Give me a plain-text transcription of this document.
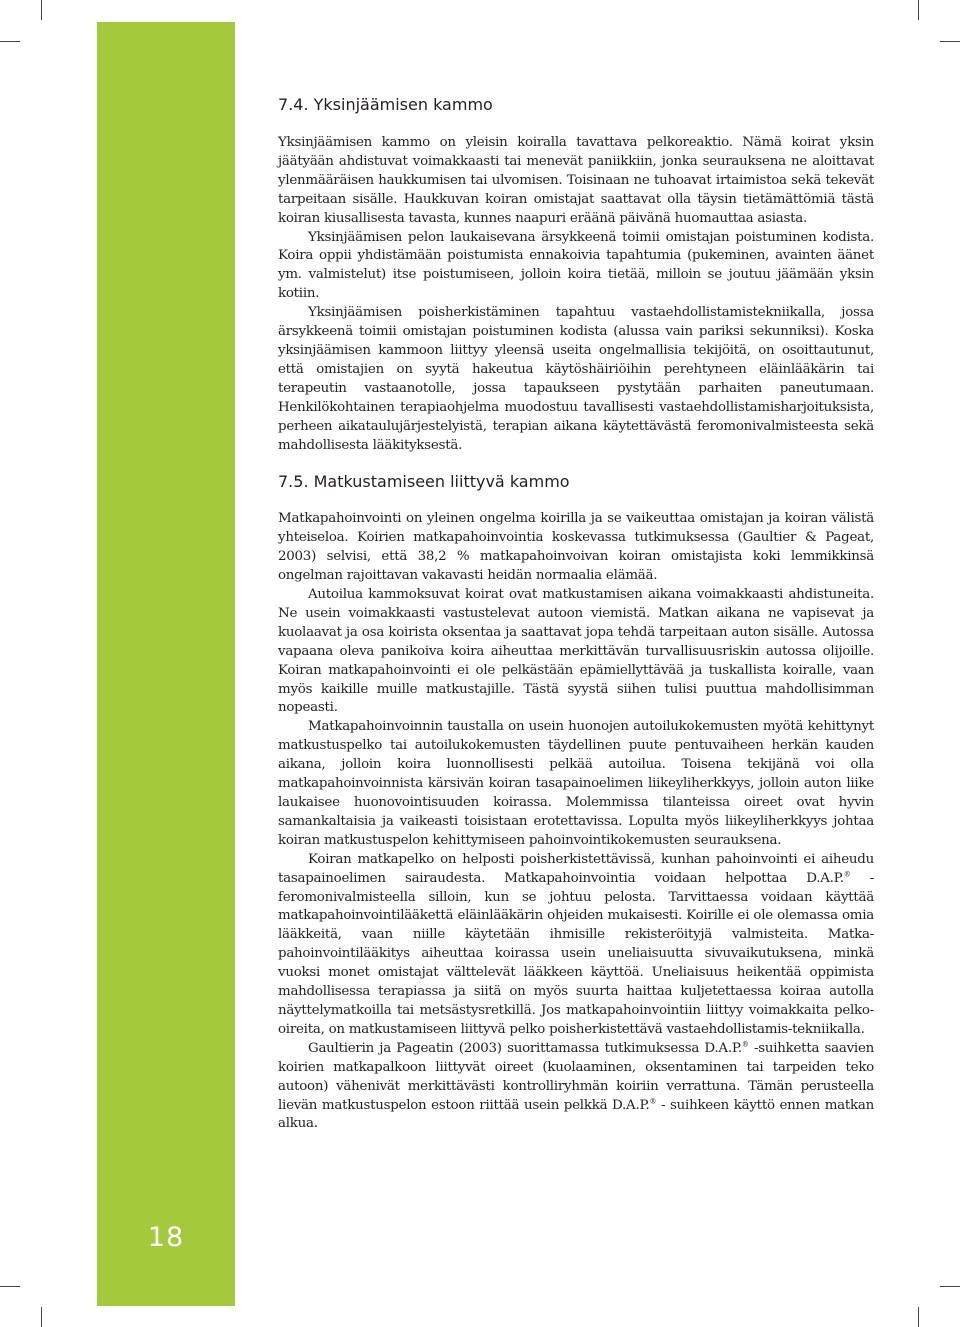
18
7.4. Yksinjäämisen kammo

Yksinjäämisen kammo on yleisin koiralla tavattava pelkoreaktio. Nämä koirat yksin jäätyään ahdistuvat voimakkaasti tai menevät paniikkiin, jonka seurauksena ne aloittavat ylenmääräisen haukkumisen tai ulvomisen. Toisinaan ne tuhoavat irtaimistoa sekä tekevät tarpeitaan sisälle. Haukkuvan koiran omistajat saattavat olla täysin tietämättömiä tästä koiran kiusallisesta tavasta, kunnes naapuri eräänä päivänä huomauttaa asiasta.

Yksinjäämisen pelon laukaisevana ärsykkeenä toimii omistajan poistuminen kodista. Koira oppii yhdistämään poistumista ennakoivia tapahtumia (pukeminen, avainten äänet ym. valmistelut) itse poistumiseen, jolloin koira tietää, milloin se joutuu jäämään yksin kotiin.

Yksinjäämisen poisherkistäminen tapahtuu vastaehdollistamistekniikalla, jossa ärsykkeenä toimii omistajan poistuminen kodista (alussa vain pariksi sekunniksi). Koska yksinjäämisen kammoon liittyy yleensä useita ongelmallisia tekijöitä, on osoittautunut, että omistajien on syytä hakeutua käytöshäiriöihin perehtyneen eläinlääkärin tai terapeutin vastaanotolle, jossa tapaukseen pystytään parhaiten paneutumaan. Henkilökohtainen terapiaohjelma muodostuu tavallisesti vastaehdollistamisharjoituksista, perheen aikataulujärjestelyistä, terapian aikana käytettävästä feromonivalmisteesta sekä mahdollisesta lääkityksestä.

7.5. Matkustamiseen liittyvä kammo

Matkapahoinvointi on yleinen ongelma koirilla ja se vaikeuttaa omistajan ja koiran välistä yhteiseloa. Koirien matkapahoinvointia koskevassa tutkimuksessa (Gaultier & Pageat, 2003) selvisi, että 38,2 % matkapahoinvoivan koiran omistajista koki lemmikkinsä ongelman rajoittavan vakavasti heidän normaalia elämää.

Autoilua kammoksuvat koirat ovat matkustamisen aikana voimakkaasti ahdistuneita. Ne usein voimakkaasti vastustelevat autoon viemistä. Matkan aikana ne vapisevat ja kuolaavat ja osa koirista oksentaa ja saattavat jopa tehdä tarpeitaan auton sisälle. Autossa vapaana oleva panikoiva koira aiheuttaa merkittävän turvallisuusriskin autossa olijoille. Koiran matkapahoinvointi ei ole pelkästään epämiellyttävää ja tuskallista koiralle, vaan myös kaikille muille matkustajille. Tästä syystä siihen tulisi puuttua mahdollisimman nopeasti.

Matkapahoinvoinnin taustalla on usein huonojen autoilukokemusten myötä kehittynyt matkustuspelko tai autoilukokemusten täydellinen puute pentuvaiheen herkän kauden aikana, jolloin koira luonnollisesti pelkää autoilua. Toisena tekijänä voi olla matkapahoinvoinnista kärsivän koiran tasapainoelimen liikeyliherkkyys, jolloin auton liike laukaisee huonovointisuuden koirassa. Molemmissa tilanteissa oireet ovat hyvin samankaltaisia ja vaikeasti toisistaan erotettavissa. Lopulta myös liikeyliherkkyys johtaa koiran matkustuspelon kehittymiseen pahoinvointikokemusten seurauksena.

Koiran matkapelko on helposti poisherkistettävissä, kunhan pahoinvointi ei aiheudu tasapainoelimen sairaudesta. Matkapahoinvointia voidaan helpottaa D.A.P.® -feromonivalmisteella silloin, kun se johtuu pelosta. Tarvittaessa voidaan käyttää matkapahoinvointilääkettä eläinlääkärin ohjeiden mukaisesti. Koirille ei ole olemassa omia lääkkeitä, vaan niille käytetään ihmisille rekisteröityjä valmisteita. Matka-pahoinvointilääkitys aiheuttaa koirassa usein uneliaisuutta sivuvaikutuksena, minkä vuoksi monet omistajat välttelevät lääkkeen käyttöä. Uneliaisuus heikentää oppimista mahdollisessa terapiassa ja siitä on myös suurta haittaa kuljetettaessa koiraa autolla näyttelymatkoilla tai metsästysretkillä. Jos matkapahoinvointiin liittyy voimakkaita pelko-oireita, on matkustamiseen liittyvä pelko poisherkistettävä vastaehdollistamis-tekniikalla.

Gaultierin ja Pageatin (2003) suorittamassa tutkimuksessa D.A.P.® -suihketta saavien koirien matkapalkoon liittyvät oireet (kuolaaminen, oksentaminen tai tarpeiden teko autoon) vähenivät merkittävästi kontrolliryhmän koiriin verrattuna. Tämän perusteella lievän matkustuspelon estoon riittää usein pelkkä D.A.P.® - suihkeen käyttö ennen matkan alkua.
